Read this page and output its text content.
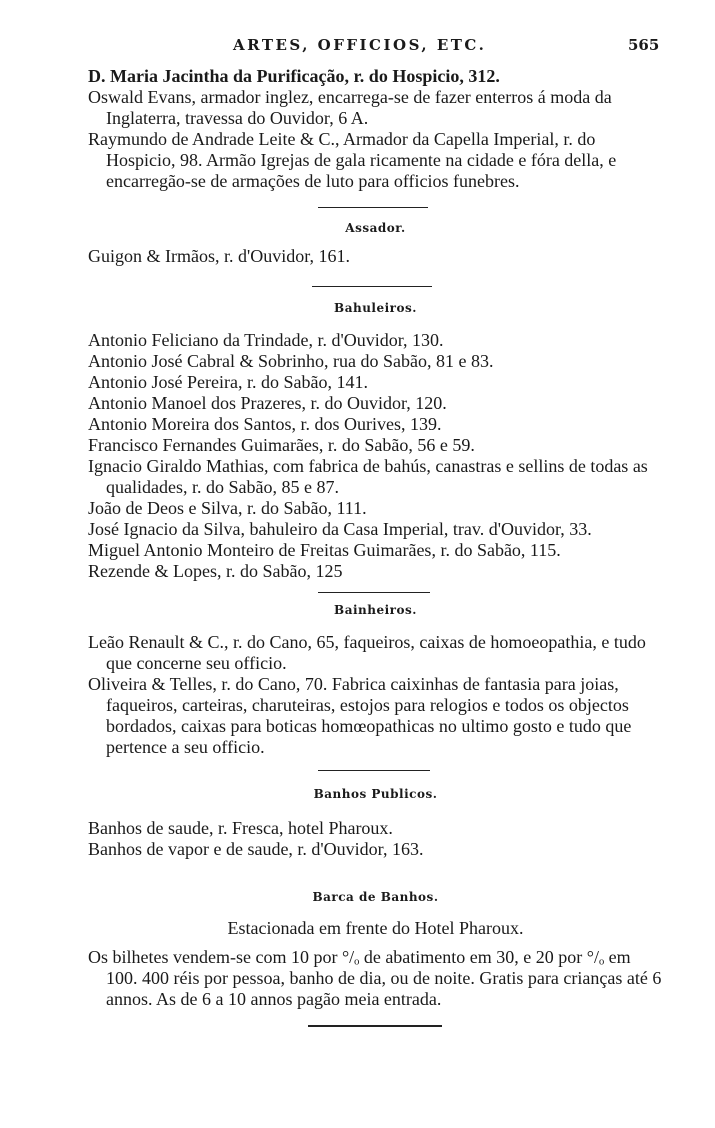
ARTES, OFFICIOS, ETC.	565

D. Maria Jacintha da Purificação, r. do Hospicio, 312.

Oswald Evans, armador inglez, encarrega-se de fazer enterros á moda da Inglaterra, travessa do Ouvidor, 6 A.

Raymundo de Andrade Leite & C., Armador da Capella Imperial, r. do Hospicio, 98. Armão Igrejas de gala ricamente na cidade e fóra della, e encarregão-se de armações de luto para officios funebres.

Assador.

Guigon & Irmãos, r. d'Ouvidor, 161.

Bahuleiros.

Antonio Feliciano da Trindade, r. d'Ouvidor, 130.

Antonio José Cabral & Sobrinho, rua do Sabão, 81 e 83.

Antonio José Pereira, r. do Sabão, 141.

Antonio Manoel dos Prazeres, r. do Ouvidor, 120.

Antonio Moreira dos Santos, r. dos Ourives, 139.

Francisco Fernandes Guimarães, r. do Sabão, 56 e 59.

Ignacio Giraldo Mathias, com fabrica de bahús, canastras e sellins de todas as qualidades, r. do Sabão, 85 e 87.

João de Deos e Silva, r. do Sabão, 111.

José Ignacio da Silva, bahuleiro da Casa Imperial, trav. d'Ouvidor, 33.

Miguel Antonio Monteiro de Freitas Guimarães, r. do Sabão, 115.

Rezende & Lopes, r. do Sabão, 125

Bainheiros.

Leão Renault & C., r. do Cano, 65, faqueiros, caixas de homoeopathia, e tudo que concerne seu officio.

Oliveira & Telles, r. do Cano, 70. Fabrica caixinhas de fantasia para joias, faqueiros, carteiras, charuteiras, estojos para relogios e todos os objectos bordados, caixas para boticas homœopathicas no ultimo gosto e tudo que pertence a seu officio.

Banhos Publicos.

Banhos de saude, r. Fresca, hotel Pharoux.

Banhos de vapor e de saude, r. d'Ouvidor, 163.

Barca de Banhos.
Estacionada em frente do Hotel Pharoux.

Os bilhetes vendem-se com 10 por °/ₒ de abatimento em 30, e 20 por °/ₒ em 100. 400 réis por pessoa, banho de dia, ou de noite. Gratis para crianças até 6 annos. As de 6 a 10 annos pagão meia entrada.
